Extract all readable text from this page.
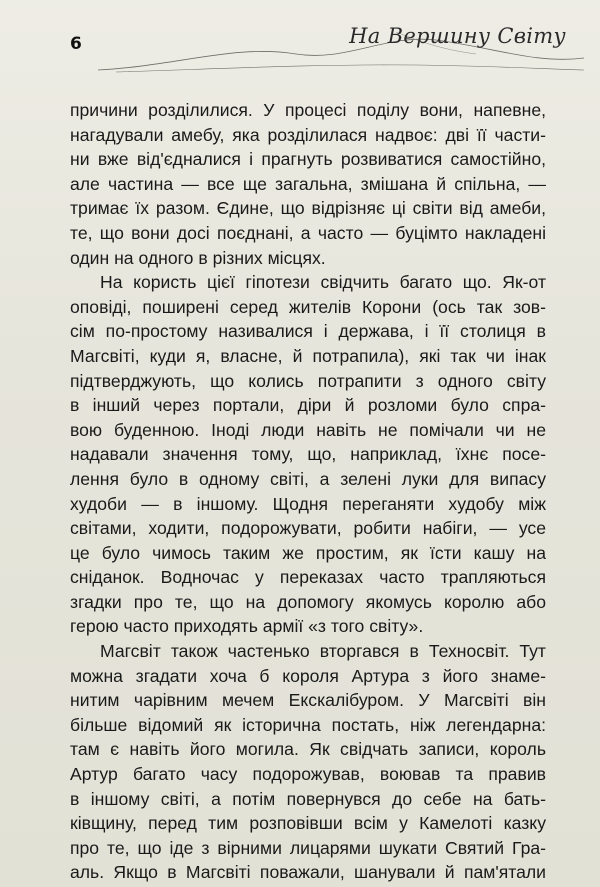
6	На Вершину Світу
причини розділилися. У процесі поділу вони, напевне,
нагадували амебу, яка розділилася надвоє: дві її части-
ни вже від'єдналися і прагнуть розвиватися самостійно,
але частина — все ще загальна, змішана й спільна, —
тримає їх разом. Єдине, що відрізняє ці світи від амеби,
те, що вони досі поєднані, а часто — буцімто накладені
один на одного в різних місцях.
На користь цієї гіпотези свідчить багато що. Як-от
оповіді, поширені серед жителів Корони (ось так зов-
сім по-простому називалися і держава, і її столиця в
Магсвіті, куди я, власне, й потрапила), які так чи інак
підтверджують, що колись потрапити з одного світу
в інший через портали, діри й розломи було спра-
вою буденною. Іноді люди навіть не помічали чи не
надавали значення тому, що, наприклад, їхнє посе-
лення було в одному світі, а зелені луки для випасу
худоби — в іншому. Щодня переганяти худобу між
світами, ходити, подорожувати, робити набіги, — усе
це було чимось таким же простим, як їсти кашу на
сніданок. Водночас у переказах часто трапляються
згадки про те, що на допомогу якомусь королю або
герою часто приходять армії «з того світу».
Магсвіт також частенько вторгався в Техносвіт. Тут
можна згадати хоча б короля Артура з його знаме-
нитим чарівним мечем Екскалібуром. У Магсвіті він
більше відомий як історична постать, ніж легендарна:
там є навіть його могила. Як свідчать записи, король
Артур багато часу подорожував, воював та правив
в іншому світі, а потім повернувся до себе на бать-
ківщину, перед тим розповівши всім у Камелоті казку
про те, що іде з вірними лицарями шукати Святий Гра-
аль. Якщо в Магсвіті поважали, шанували й пам'ятали
